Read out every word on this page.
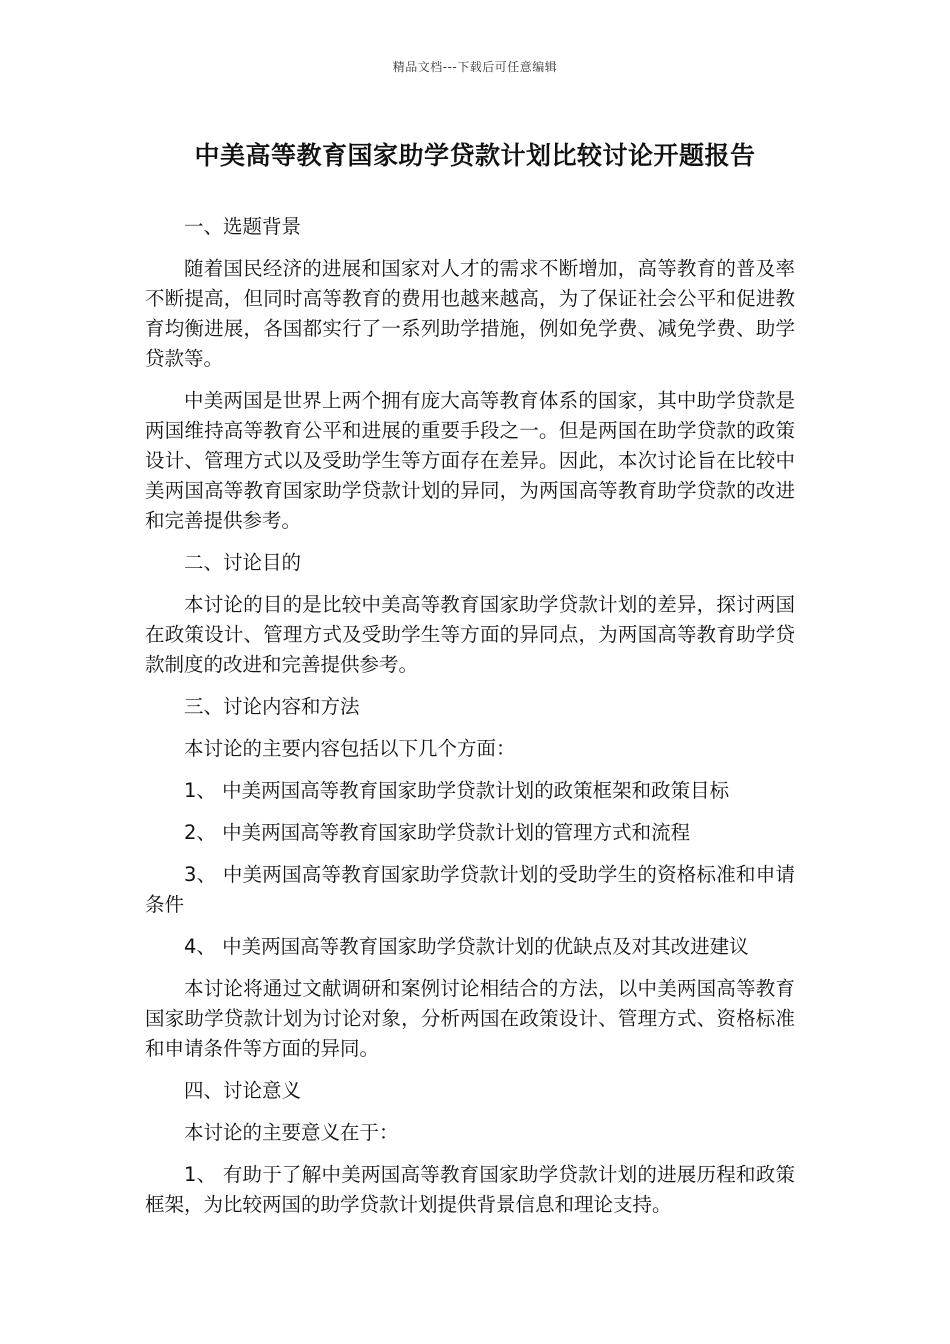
精品文档---下载后可任意编辑
中美高等教育国家助学贷款计划比较讨论开题报告

一、选题背景

随着国民经济的进展和国家对人才的需求不断增加，高等教育的普及率不断提高，但同时高等教育的费用也越来越高，为了保证社会公平和促进教育均衡进展，各国都实行了一系列助学措施，例如免学费、减免学费、助学贷款等。

中美两国是世界上两个拥有庞大高等教育体系的国家，其中助学贷款是两国维持高等教育公平和进展的重要手段之一。但是两国在助学贷款的政策设计、管理方式以及受助学生等方面存在差异。因此，本次讨论旨在比较中美两国高等教育国家助学贷款计划的异同，为两国高等教育助学贷款的改进和完善提供参考。

二、讨论目的

本讨论的目的是比较中美高等教育国家助学贷款计划的差异，探讨两国在政策设计、管理方式及受助学生等方面的异同点，为两国高等教育助学贷款制度的改进和完善提供参考。

三、讨论内容和方法

本讨论的主要内容包括以下几个方面：

1、 中美两国高等教育国家助学贷款计划的政策框架和政策目标

2、 中美两国高等教育国家助学贷款计划的管理方式和流程

3、 中美两国高等教育国家助学贷款计划的受助学生的资格标准和申请条件

4、 中美两国高等教育国家助学贷款计划的优缺点及对其改进建议

本讨论将通过文献调研和案例讨论相结合的方法，以中美两国高等教育国家助学贷款计划为讨论对象，分析两国在政策设计、管理方式、资格标准和申请条件等方面的异同。

四、讨论意义

本讨论的主要意义在于：

1、 有助于了解中美两国高等教育国家助学贷款计划的进展历程和政策框架，为比较两国的助学贷款计划提供背景信息和理论支持。
